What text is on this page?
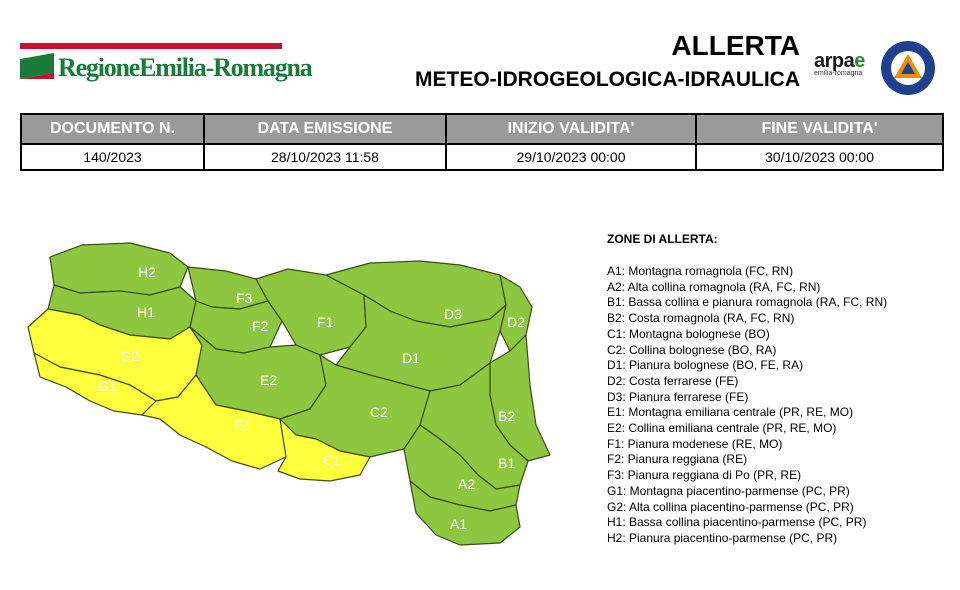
RegioneEmilia-Romagna
ALLERTA
METEO-IDROGEOLOGICA-IDRAULICA
arpae
emilia-romagna
DOCUMENTO N.	DATA EMISSIONE	INIZIO VALIDITA'	FINE VALIDITA'
140/2023	28/10/2023 11:58	29/10/2023 00:00	30/10/2023 00:00
H2
H1
G2
G1
F3
F2	F1
E2
E1
D3	D2
D1
C2
C1
B2
B1
A2
A1
ZONE DI ALLERTA:
A1: Montagna romagnola (FC, RN)
A2: Alta collina romagnola (RA, FC, RN)
B1: Bassa collina e pianura romagnola (RA, FC, RN)
B2: Costa romagnola (RA, FC, RN)
C1: Montagna bolognese (BO)
C2: Collina bolognese (BO, RA)
D1: Pianura bolognese (BO, FE, RA)
D2: Costa ferrarese (FE)
D3: Pianura ferrarese (FE)
E1: Montagna emiliana centrale (PR, RE, MO)
E2: Collina emiliana centrale (PR, RE, MO)
F1: Pianura modenese (RE, MO)
F2: Pianura reggiana (RE)
F3: Pianura reggiana di Po (PR, RE)
G1: Montagna piacentino-parmense (PC, PR)
G2: Alta collina piacentino-parmense (PC, PR)
H1: Bassa collina piacentino-parmense (PC, PR)
H2: Pianura piacentino-parmense (PC, PR)
